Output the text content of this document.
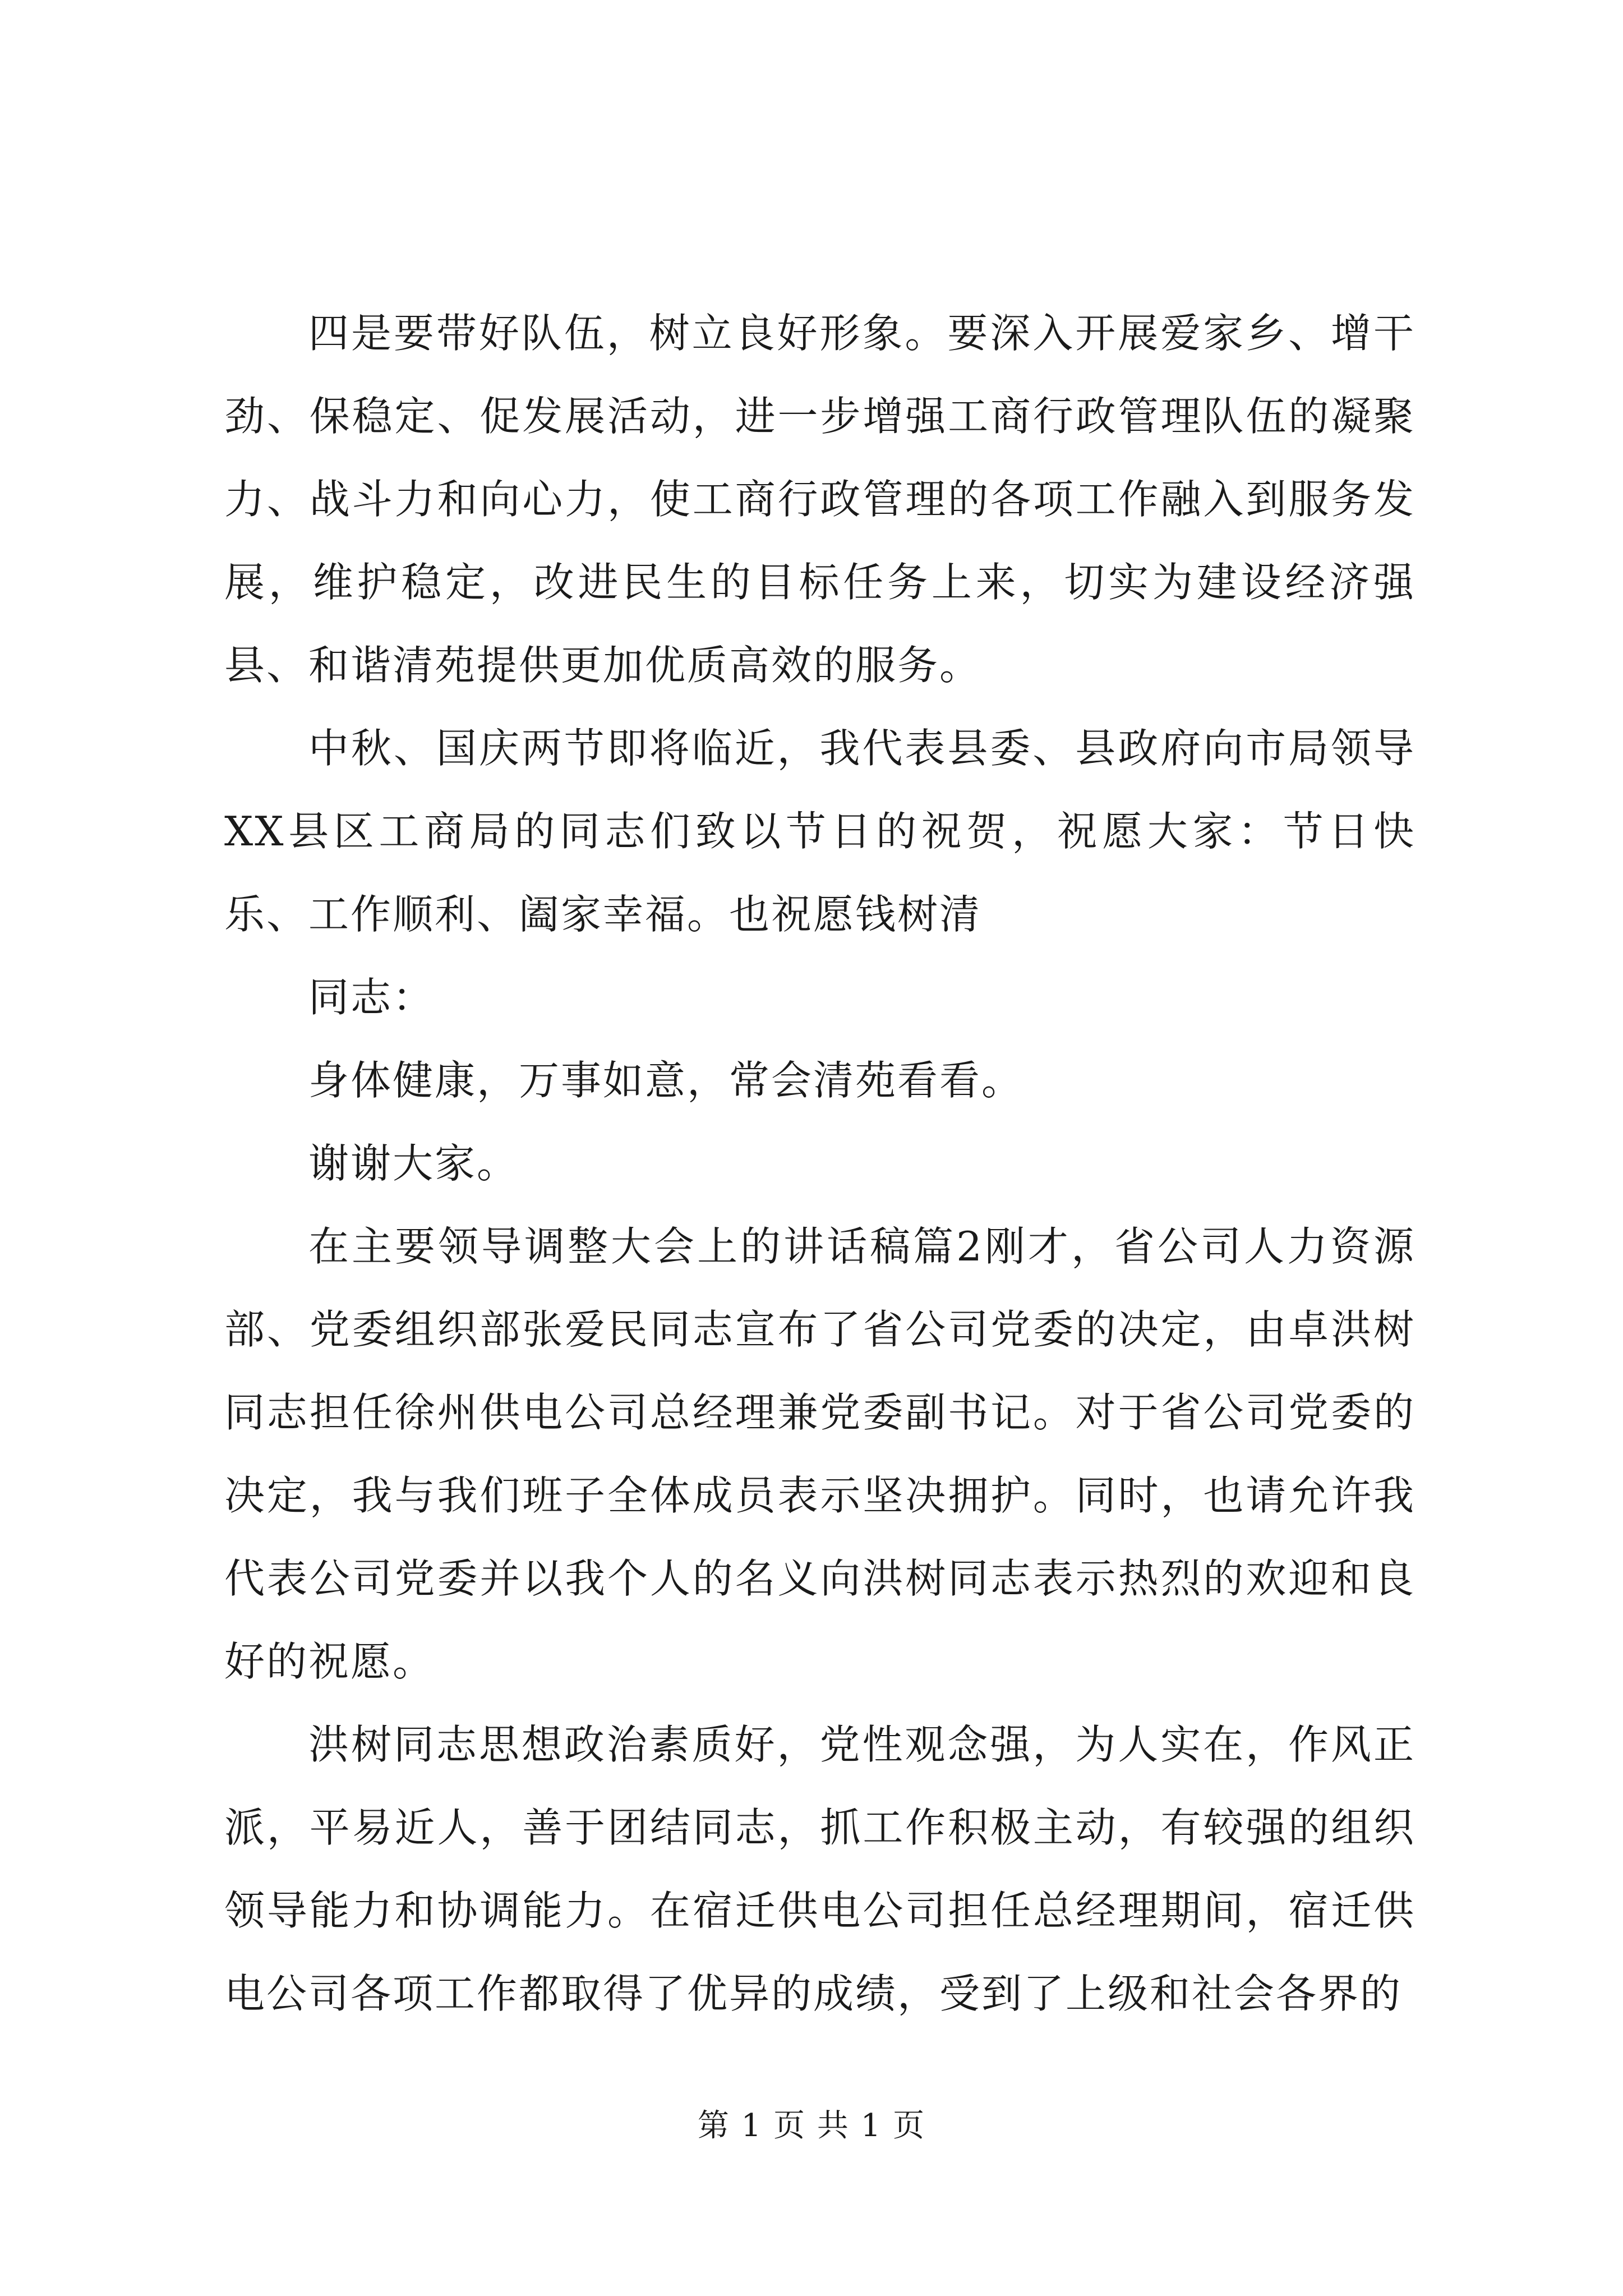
四是要带好队伍，树立良好形象。要深入开展爱家乡、增干劲、保稳定、促发展活动，进一步增强工商行政管理队伍的凝聚力、战斗力和向心力，使工商行政管理的各项工作融入到服务发展，维护稳定，改进民生的目标任务上来，切实为建设经济强县、和谐清苑提供更加优质高效的服务。

中秋、国庆两节即将临近，我代表县委、县政府向市局领导XX县区工商局的同志们致以节日的祝贺，祝愿大家：节日快乐、工作顺利、阖家幸福。也祝愿钱树清

同志：

身体健康，万事如意，常会清苑看看。

谢谢大家。

在主要领导调整大会上的讲话稿篇2刚才，省公司人力资源部、党委组织部张爱民同志宣布了省公司党委的决定，由卓洪树同志担任徐州供电公司总经理兼党委副书记。对于省公司党委的决定，我与我们班子全体成员表示坚决拥护。同时，也请允许我代表公司党委并以我个人的名义向洪树同志表示热烈的欢迎和良好的祝愿。

洪树同志思想政治素质好，党性观念强，为人实在，作风正派，平易近人，善于团结同志，抓工作积极主动，有较强的组织领导能力和协调能力。在宿迁供电公司担任总经理期间，宿迁供电公司各项工作都取得了优异的成绩，受到了上级和社会各界的

第 1 页 共 1 页
